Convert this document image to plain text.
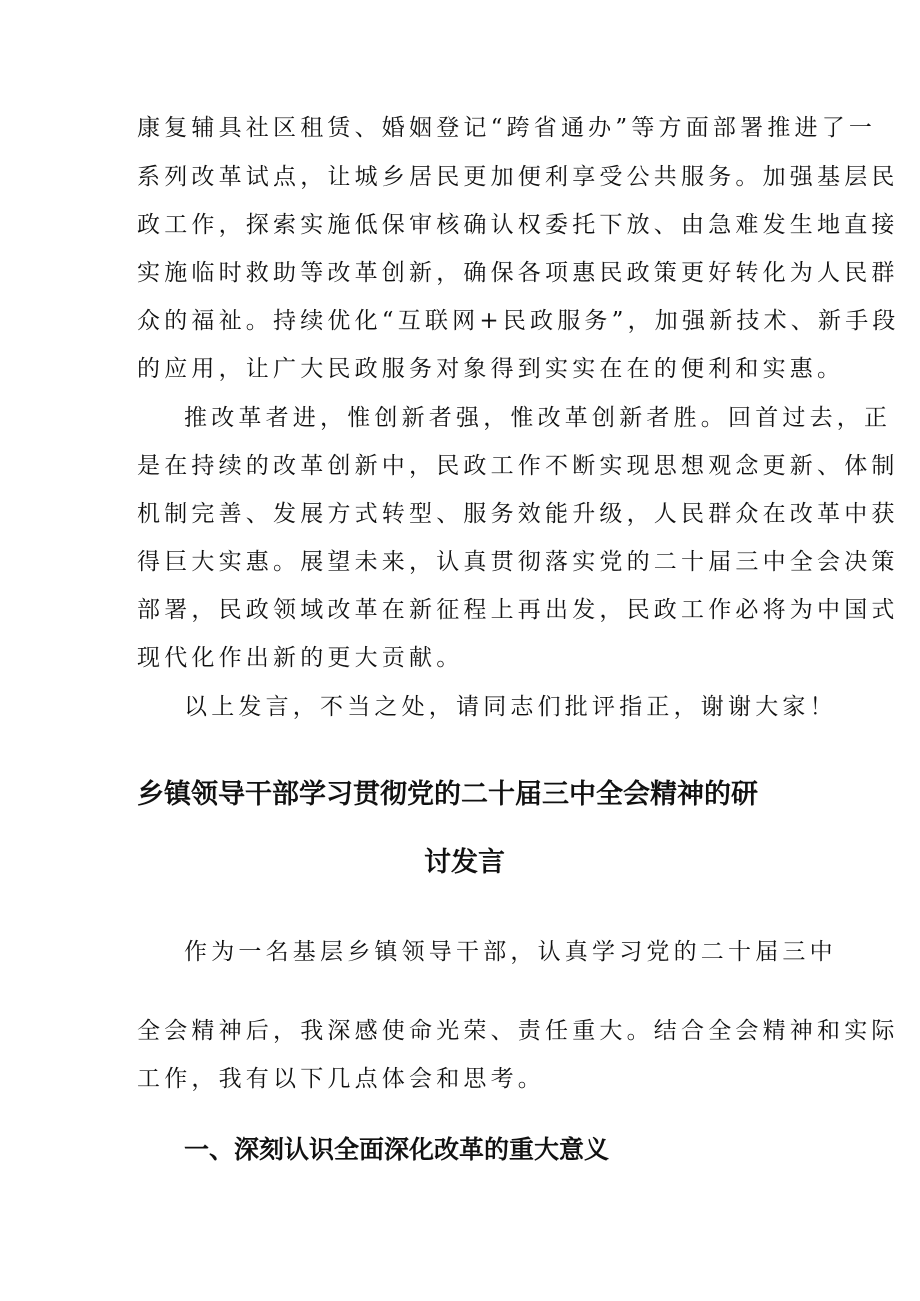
康复辅具社区租赁、婚姻登记“跨省通办”等方面部署推进了一

系列改革试点，让城乡居民更加便利享受公共服务。加强基层民

政工作，探索实施低保审核确认权委托下放、由急难发生地直接

实施临时救助等改革创新，确保各项惠民政策更好转化为人民群

众的福祉。持续优化“互联网+民政服务”，加强新技术、新手段

的应用，让广大民政服务对象得到实实在在的便利和实惠。

推改革者进，惟创新者强，惟改革创新者胜。回首过去，正

是在持续的改革创新中，民政工作不断实现思想观念更新、体制

机制完善、发展方式转型、服务效能升级，人民群众在改革中获

得巨大实惠。展望未来，认真贯彻落实党的二十届三中全会决策

部署，民政领域改革在新征程上再出发，民政工作必将为中国式

现代化作出新的更大贡献。

以上发言，不当之处，请同志们批评指正，谢谢大家！

乡镇领导干部学习贯彻党的二十届三中全会精神的研
讨发言

作为一名基层乡镇领导干部，认真学习党的二十届三中

全会精神后，我深感使命光荣、责任重大。结合全会精神和实际

工作，我有以下几点体会和思考。

一、深刻认识全面深化改革的重大意义
